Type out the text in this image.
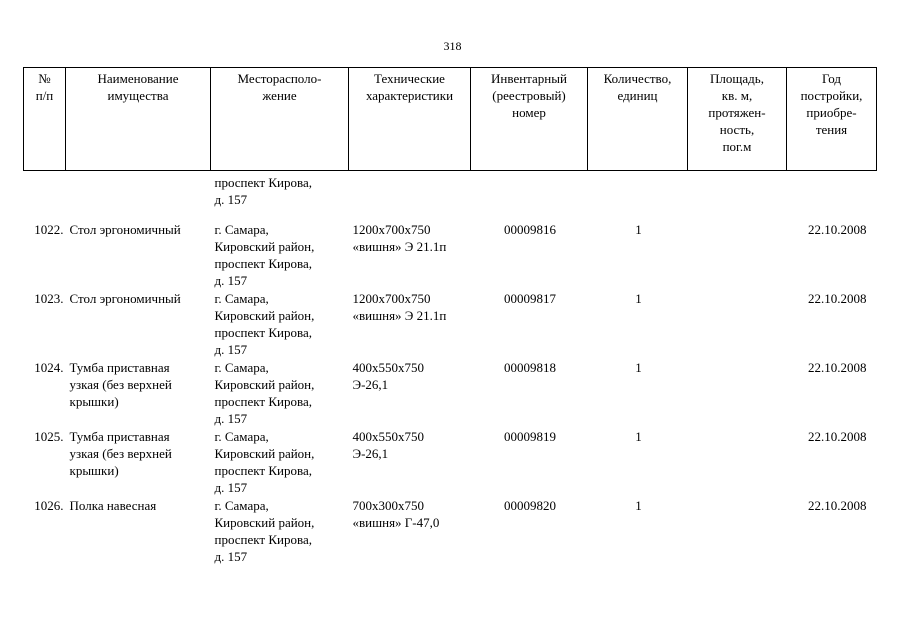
318
№
п/п	Наименование
имущества	Месторасполо-
жение	Технические
характеристики	Инвентарный
(реестровый)
номер	Количество,
единиц	Площадь,
кв. м,
протяжен-
ность,
пог.м	Год
постройки,
приобре-
тения

		проспект Кирова,
д. 157					

1022.	Стол эргономичный	г. Самара,
Кировский район,
проспект Кирова,
д. 157	1200х700х750
«вишня» Э 21.1п	00009816	1		22.10.2008

1023.	Стол эргономичный	г. Самара,
Кировский район,
проспект Кирова,
д. 157	1200х700х750
«вишня» Э 21.1п	00009817	1		22.10.2008

1024.	Тумба приставная
узкая (без верхней
крышки)	г. Самара,
Кировский район,
проспект Кирова,
д. 157	400х550х750
Э-26,1	00009818	1		22.10.2008

1025.	Тумба приставная
узкая (без верхней
крышки)	г. Самара,
Кировский район,
проспект Кирова,
д. 157	400х550х750
Э-26,1	00009819	1		22.10.2008

1026.	Полка навесная	г. Самара,
Кировский район,
проспект Кирова,
д. 157	700х300х750
«вишня» Г-47,0	00009820	1		22.10.2008
